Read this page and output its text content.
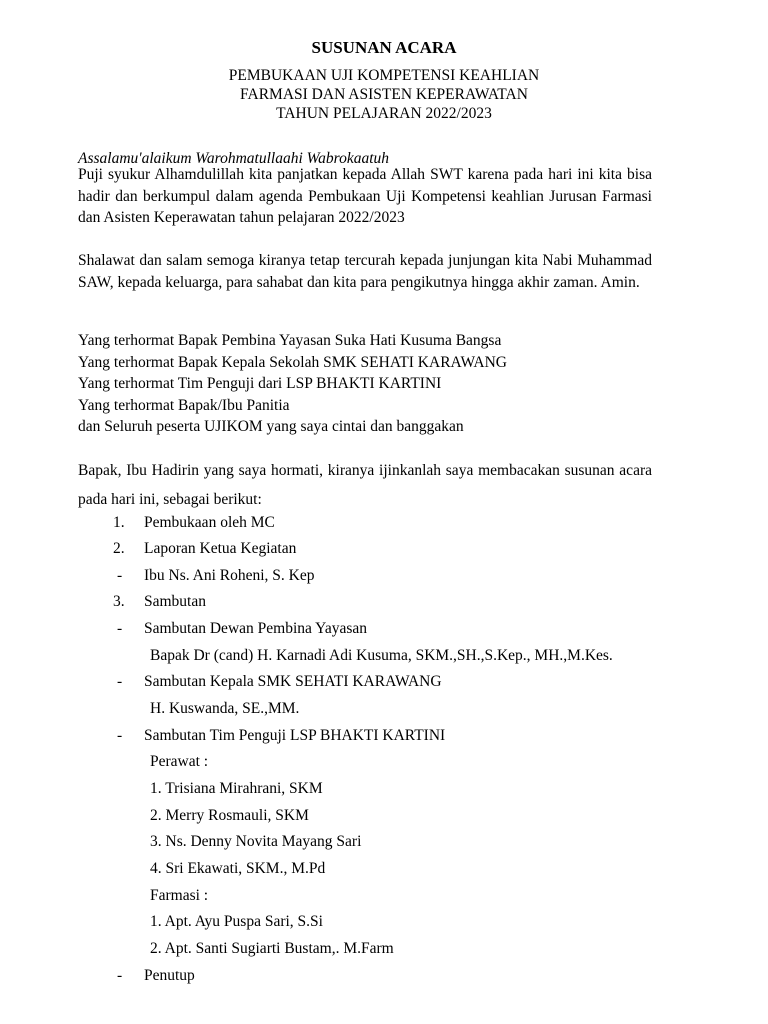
SUSUNAN ACARA
PEMBUKAAN UJI KOMPETENSI KEAHLIAN
FARMASI DAN ASISTEN KEPERAWATAN
TAHUN PELAJARAN 2022/2023
Assalamu'alaikum Warohmatullaahi Wabrokaatuh
Puji syukur Alhamdulillah kita panjatkan kepada Allah SWT karena pada hari ini kita bisa hadir dan berkumpul dalam agenda Pembukaan Uji Kompetensi keahlian Jurusan Farmasi dan Asisten Keperawatan tahun pelajaran 2022/2023
Shalawat dan salam semoga kiranya tetap tercurah kepada junjungan kita Nabi Muhammad SAW, kepada keluarga, para sahabat dan kita para pengikutnya hingga akhir zaman. Amin.
Yang terhormat Bapak Pembina Yayasan Suka Hati Kusuma Bangsa
Yang terhormat Bapak Kepala Sekolah SMK SEHATI KARAWANG
Yang terhormat Tim Penguji dari LSP BHAKTI KARTINI
Yang terhormat Bapak/Ibu Panitia
dan Seluruh peserta UJIKOM yang saya cintai dan banggakan
Bapak, Ibu Hadirin yang saya hormati, kiranya ijinkanlah saya membacakan susunan acara pada hari ini, sebagai berikut:
1. Pembukaan oleh MC
2. Laporan Ketua Kegiatan
- Ibu Ns. Ani Roheni, S. Kep
3. Sambutan
- Sambutan Dewan Pembina Yayasan
Bapak Dr (cand) H. Karnadi Adi Kusuma, SKM.,SH.,S.Kep., MH.,M.Kes.
- Sambutan Kepala SMK SEHATI KARAWANG
H. Kuswanda, SE.,MM.
- Sambutan Tim Penguji LSP BHAKTI KARTINI
Perawat :
1. Trisiana Mirahrani, SKM
2. Merry Rosmauli, SKM
3. Ns. Denny Novita Mayang Sari
4. Sri Ekawati, SKM., M.Pd
Farmasi :
1. Apt. Ayu Puspa Sari, S.Si
2. Apt. Santi Sugiarti Bustam,. M.Farm
- Penutup
